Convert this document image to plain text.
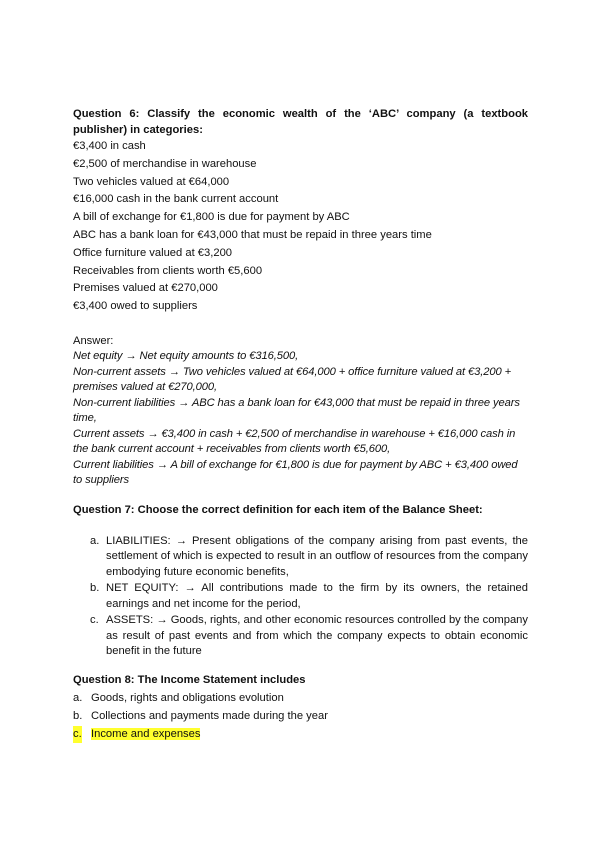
Question 6: Classify the economic wealth of the ‘ABC’ company (a textbook publisher) in categories:

€3,400 in cash
€2,500 of merchandise in warehouse
Two vehicles valued at €64,000
€16,000 cash in the bank current account
A bill of exchange for €1,800 is due for payment by ABC
ABC has a bank loan for €43,000 that must be repaid in three years time
Office furniture valued at €3,200
Receivables from clients worth €5,600
Premises valued at €270,000
€3,400 owed to suppliers
Answer:
Net equity → Net equity amounts to €316,500,
Non-current assets → Two vehicles valued at €64,000 + office furniture valued at €3,200 + premises valued at €270,000,
Non-current liabilities → ABC has a bank loan for €43,000 that must be repaid in three years time,
Current assets → €3,400 in cash + €2,500 of merchandise in warehouse + €16,000 cash in the bank current account + receivables from clients worth €5,600,
Current liabilities → A bill of exchange for €1,800 is due for payment by ABC + €3,400 owed to suppliers

Question 7: Choose the correct definition for each item of the Balance Sheet:

a. LIABILITIES: → Present obligations of the company arising from past events, the settlement of which is expected to result in an outflow of resources from the company embodying future economic benefits,
b. NET EQUITY: → All contributions made to the firm by its owners, the retained earnings and net income for the period,
c. ASSETS: → Goods, rights, and other economic resources controlled by the company as result of past events and from which the company expects to obtain economic benefit in the future

Question 8: The Income Statement includes

a. Goods, rights and obligations evolution
b. Collections and payments made during the year
c. Income and expenses
